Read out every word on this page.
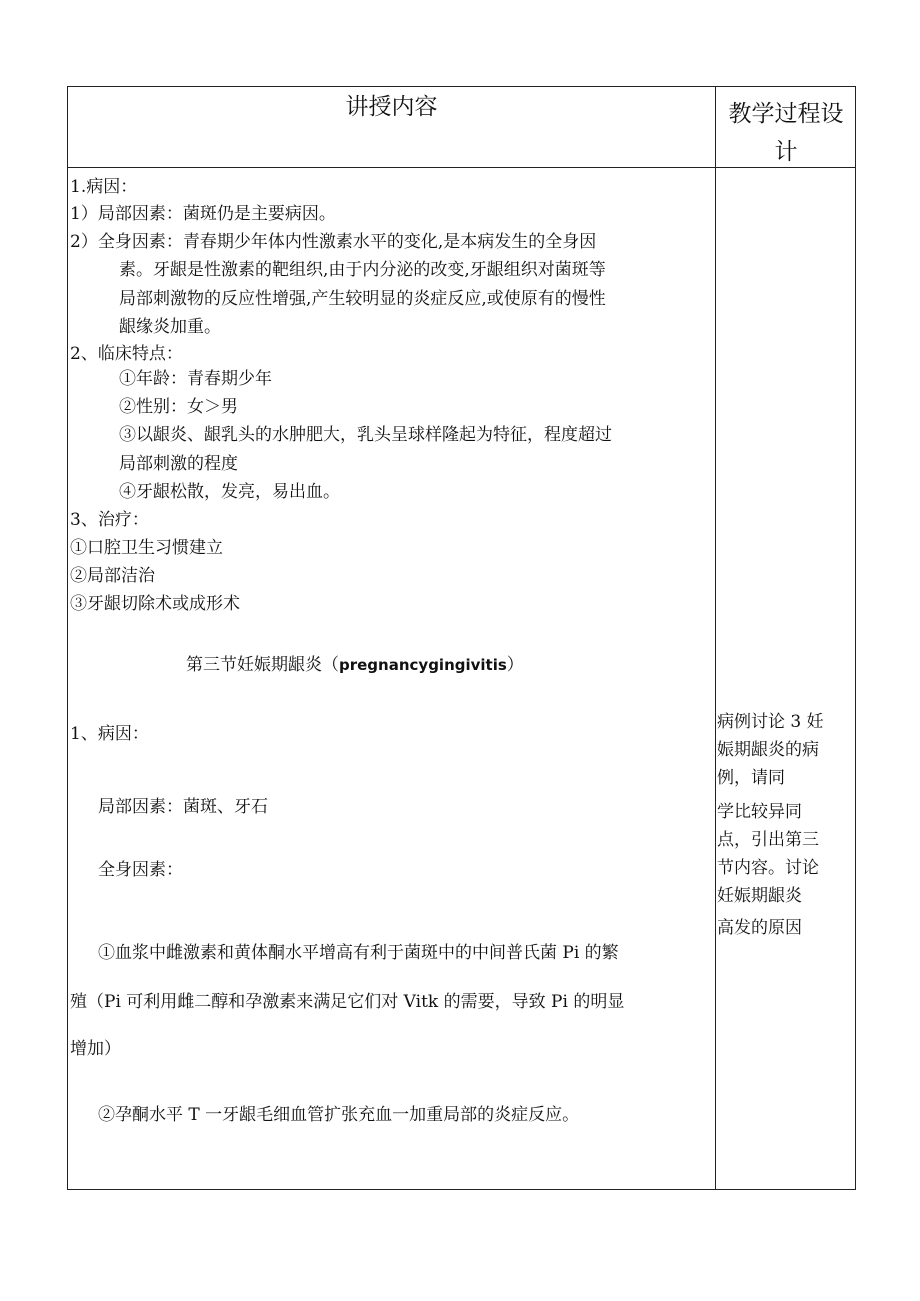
讲授内容	教学过程设
计
1.病因：
1）局部因素：菌斑仍是主要病因。
2）全身因素：青春期少年体内性激素水平的变化,是本病发生的全身因
素。牙龈是性激素的靶组织,由于内分泌的改变,牙龈组织对菌斑等
局部刺激物的反应性增强,产生较明显的炎症反应,或使原有的慢性
龈缘炎加重。
2、临床特点：
①年龄：青春期少年
②性别：女＞男
③以龈炎、龈乳头的水肿肥大，乳头呈球样隆起为特征，程度超过
局部刺激的程度
④牙龈松散，发亮，易出血。
3、治疗：
①口腔卫生习惯建立
②局部洁治
③牙龈切除术或成形术
第三节妊娠期龈炎（pregnancygingivitis）
1、病因：
局部因素：菌斑、牙石
全身因素：
①血浆中雌激素和黄体酮水平增高有利于菌斑中的中间普氏菌 Pi 的繁
殖（Pi 可利用雌二醇和孕激素来满足它们对 Vitk 的需要，导致 Pi 的明显
增加）
②孕酮水平 T 一牙龈毛细血管扩张充血一加重局部的炎症反应。

病例讨论 3 妊

娠期龈炎的病

例，请同

学比较异同

点，引出第三

节内容。讨论

妊娠期龈炎

高发的原因
